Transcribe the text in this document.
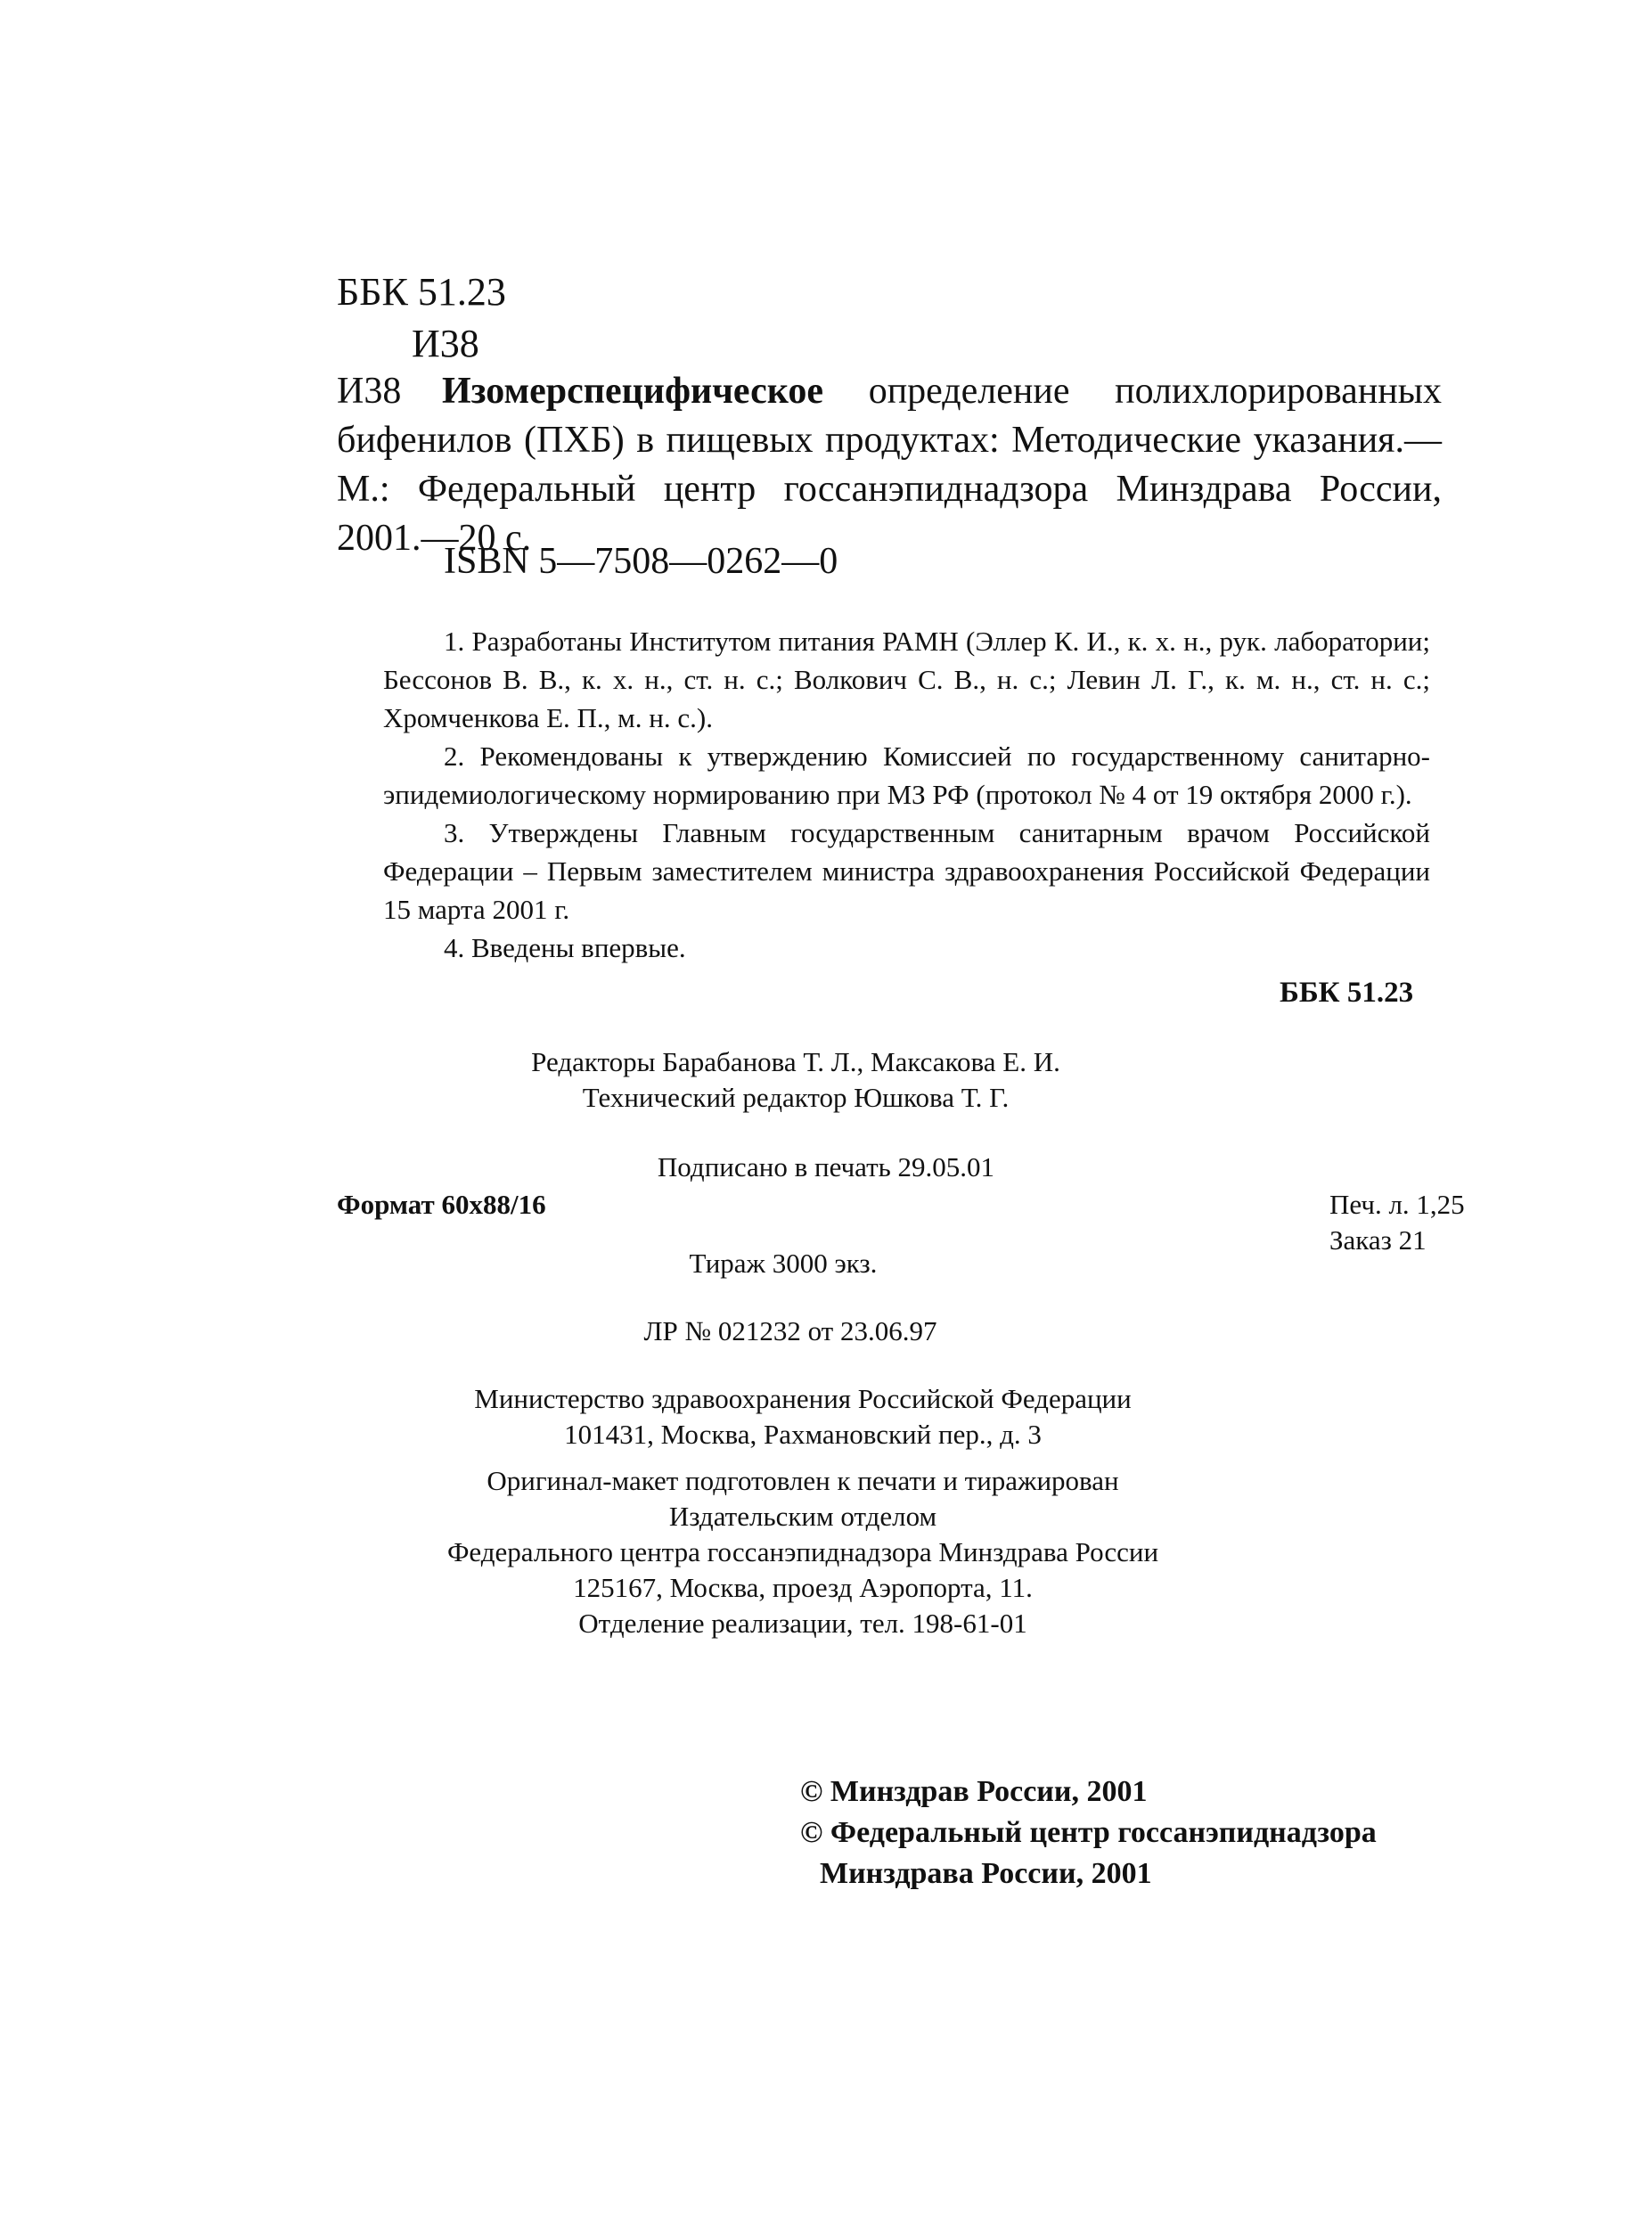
ББК 51.23
И38
И38	Изомерспецифическое определение полихлорированных бифенилов (ПХБ) в пищевых продуктах: Методические указания.—М.: Федеральный центр госсанэпиднадзора Минздрава России, 2001.—20 с.
ISBN 5—7508—0262—0

1. Разработаны Институтом питания РАМН (Эллер К. И., к. х. н., рук. лаборатории; Бессонов В. В., к. х. н., ст. н. с.; Волкович С. В., н. с.; Левин Л. Г., к. м. н., ст. н. с.; Хромченкова Е. П., м. н. с.).

2. Рекомендованы к утверждению Комиссией по государственному санитарно-эпидемиологическому нормированию при МЗ РФ (протокол № 4 от 19 октября 2000 г.).

3. Утверждены Главным государственным санитарным врачом Российской Федерации – Первым заместителем министра здравоохранения Российской Федерации 15 марта 2001 г.

4. Введены впервые.

ББК 51.23
Редакторы Барабанова Т. Л., Максакова Е. И.
Технический редактор Юшкова Т. Г.
Подписано в печать 29.05.01
Формат 60х88/16	Печ. л. 1,25
Заказ 21
Тираж 3000 экз.
ЛР № 021232 от 23.06.97
Министерство здравоохранения Российской Федерации
101431, Москва, Рахмановский пер., д. 3
Оригинал-макет подготовлен к печати и тиражирован
Издательским отделом
Федерального центра госсанэпиднадзора Минздрава России
125167, Москва, проезд Аэропорта, 11.
Отделение реализации, тел. 198-61-01
© Минздрав России, 2001
© Федеральный центр госсанэпиднадзора
Минздрава России, 2001
